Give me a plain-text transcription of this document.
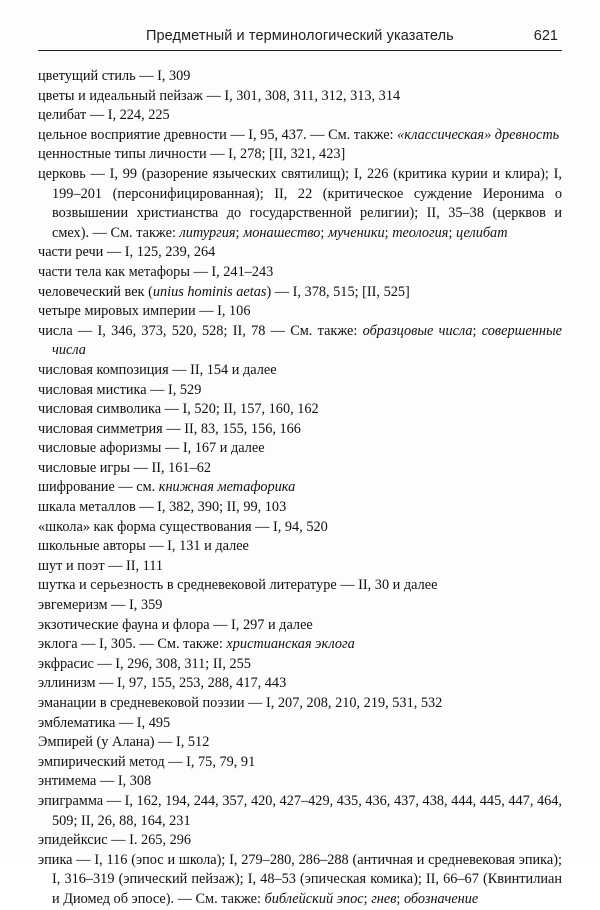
Предметный и терминологический указатель	621

цветущий стиль — I, 309

цветы и идеальный пейзаж — I, 301, 308, 311, 312, 313, 314

целибат — I, 224, 225

цельное восприятие древности — I, 95, 437. — См. также: «классическая» древность

ценностные типы личности — I, 278; [II, 321, 423]

церковь — I, 99 (разорение языческих святилищ); I, 226 (критика курии и клира); I, 199–201 (персонифицированная); II, 22 (критическое суждение Иеронима о возвышении христианства до государственной религии); II, 35–38 (церквов и смех). — См. также: литургия; монашество; мученики; теология; целибат

части речи — I, 125, 239, 264

части тела как метафоры — I, 241–243

человеческий век (unius hominis aetas) — I, 378, 515; [II, 525]

четыре мировых империи — I, 106

числа — I, 346, 373, 520, 528; II, 78 — См. также: образцовые числа; совершенные числа

числовая композиция — II, 154 и далее

числовая мистика — I, 529

числовая символика — I, 520; II, 157, 160, 162

числовая симметрия — II, 83, 155, 156, 166

числовые афоризмы — I, 167 и далее

числовые игры — II, 161–62

шифрование — см. книжная метафорика

шкала металлов — I, 382, 390; II, 99, 103

«школа» как форма существования — I, 94, 520

школьные авторы — I, 131 и далее

шут и поэт — II, 111

шутка и серьезность в средневековой литературе — II, 30 и далее

эвгемеризм — I, 359

экзотические фауна и флора — I, 297 и далее

эклога — I, 305. — См. также: христианская эклога

экфрасис — I, 296, 308, 311; II, 255

эллинизм — I, 97, 155, 253, 288, 417, 443

эманации в средневековой поэзии — I, 207, 208, 210, 219, 531, 532

эмблематика — I, 495

Эмпирей (у Алана) — I, 512

эмпирический метод — I, 75, 79, 91

энтимема — I, 308

эпиграмма — I, 162, 194, 244, 357, 420, 427–429, 435, 436, 437, 438, 444, 445, 447, 464, 509; II, 26, 88, 164, 231

эпидейксис — I. 265, 296

эпика — I, 116 (эпос и школа); I, 279–280, 286–288 (античная и средневековая эпика); I, 316–319 (эпический пейзаж); I, 48–53 (эпическая комика); II, 66–67 (Квинтилиан и Диомед об эпосе). — См. также: библейский эпос; гнев; обозначение
